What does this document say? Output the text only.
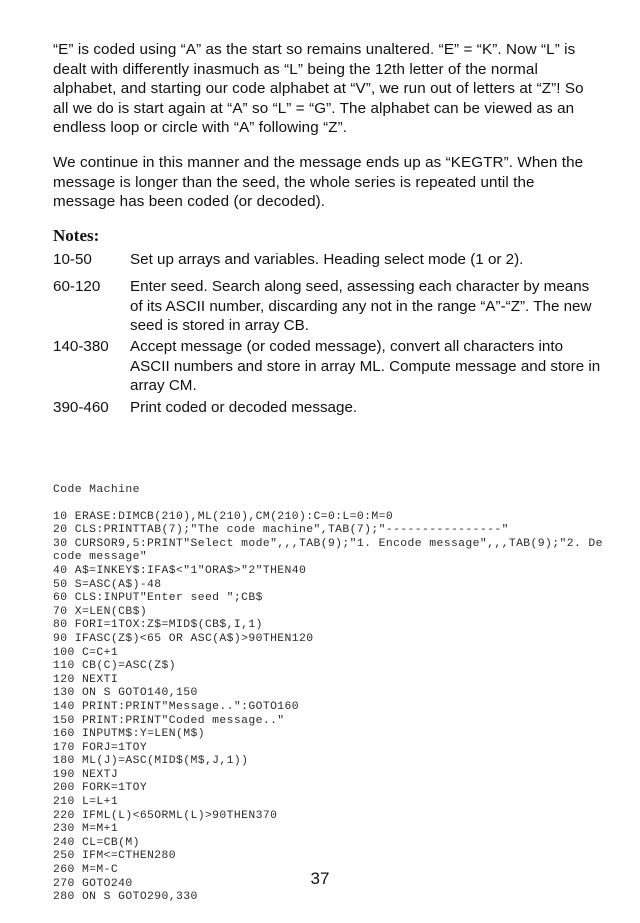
“E” is coded using “A” as the start so remains unaltered. “E” = “K”. Now “L” is dealt with differently inasmuch as “L” being the 12th letter of the normal alphabet, and starting our code alphabet at “V”, we run out of letters at “Z”! So all we do is start again at “A” so “L” = “G”. The alphabet can be viewed as an endless loop or circle with “A” following “Z”.
We continue in this manner and the message ends up as “KEGTR”. When the message is longer than the seed, the whole series is repeated until the message has been coded (or decoded).
Notes:
10-50	Set up arrays and variables. Heading select mode (1 or 2).
60-120	Enter seed. Search along seed, assessing each character by means of its ASCII number, discarding any not in the range “A”-“Z”. The new seed is stored in array CB.
140-380	Accept message (or coded message), convert all characters into ASCII numbers and store in array ML. Compute message and store in array CM.
390-460	Print coded or decoded message.
Code Machine
10 ERASE:DIMCB(210),ML(210),CM(210):C=0:L=0:M=0
20 CLS:PRINTTAB(7);"The code machine",TAB(7);"----------------"
30 CURSOR9,5:PRINT"Select mode",,,TAB(9);"1. Encode message",,,TAB(9);"2. Decode message"
40 A$=INKEY$:IFA$<"1"ORA$>"2"THEN40
50 S=ASC(A$)-48
60 CLS:INPUT"Enter seed ";CB$
70 X=LEN(CB$)
80 FORI=1TOX:Z$=MID$(CB$,I,1)
90 IFASC(Z$)<65 OR ASC(A$)>90THEN120
100 C=C+1
110 CB(C)=ASC(Z$)
120 NEXTI
130 ON S GOTO140,150
140 PRINT:PRINT"Message..":GOTO160
150 PRINT:PRINT"Coded message.."
160 INPUTM$:Y=LEN(M$)
170 FORJ=1TOY
180 ML(J)=ASC(MID$(M$,J,1))
190 NEXTJ
200 FORK=1TOY
210 L=L+1
220 IFML(L)<65ORML(L)>90THEN370
230 M=M+1
240 CL=CB(M)
250 IFM<=CTHEN280
260 M=M-C
270 GOTO240
280 ON S GOTO290,330
37
